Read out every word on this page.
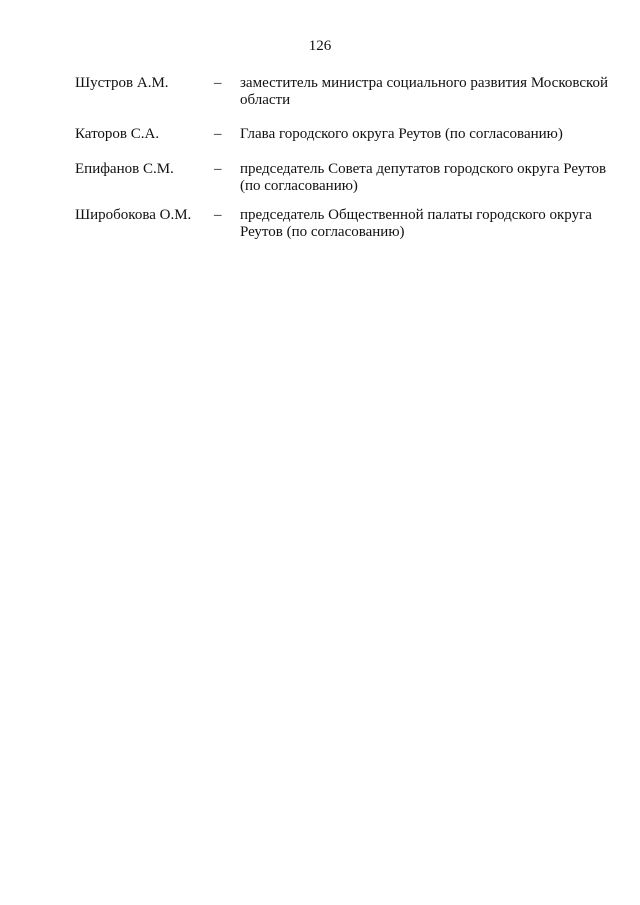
126
Шустров А.М.	– заместитель министра социального развития Московской области
Каторов С.А.	– Глава городского округа Реутов (по согласованию)
Епифанов С.М.	– председатель Совета депутатов городского округа Реутов (по согласованию)
Широбокова О.М. – председатель Общественной палаты городского округа Реутов (по согласованию)
